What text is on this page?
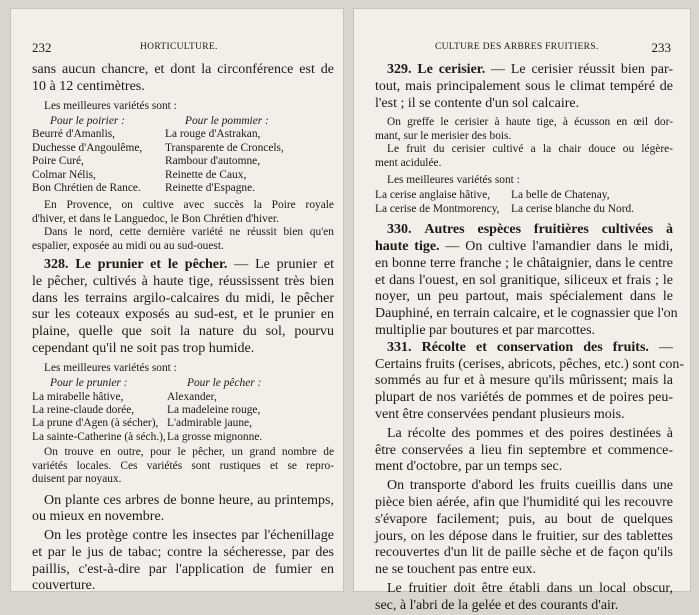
232	HORTICULTURE.
sans aucun chancre, et dont la circonférence est de
10 à 12 centimètres.
Les meilleures variétés sont :
Pour le poirier :
Beurré d'Amanlis,
Duchesse d'Angoulême,
Poire Curé,
Colmar Nélis,
Bon Chrétien de Rance.
Pour le pommier :
La rouge d'Astrakan,
Transparente de Croncels,
Rambour d'automne,
Reinette de Caux,
Reinette d'Espagne.
En Provence, on cultive avec succès la Poire royale
d'hiver, et dans le Languedoc, le Bon Chrétien d'hiver.
Dans le nord, cette dernière variété ne réussit bien qu'en
espalier, exposée au midi ou au sud-ouest.
328. Le prunier et le pêcher. — Le prunier et
le pêcher, cultivés à haute tige, réussissent très bien
dans les terrains argilo-calcaires du midi, le pêcher
sur les coteaux exposés au sud-est, et le prunier en
plaine, quelle que soit la nature du sol, pourvu
cependant qu'il ne soit pas trop humide.
Les meilleures variétés sont :
Pour le prunier :
La mirabelle hâtive,
La reine-claude dorée,
La prune d'Agen (à sécher),
La sainte-Catherine (à séch.),
Pour le pêcher :
Alexander,
La madeleine rouge,
L'admirable jaune,
La grosse mignonne.
On trouve en outre, pour le pêcher, un grand nombre de
variétés locales. Ces variétés sont rustiques et se repro-
duisent par noyaux.
On plante ces arbres de bonne heure, au printemps,
ou mieux en novembre.
On les protège contre les insectes par l'échenillage
et par le jus de tabac; contre la sécheresse, par des
paillis, c'est-à-dire par l'application de fumier en
couverture.
CULTURE DES ARBRES FRUITIERS.	233
329. Le cerisier. — Le cerisier réussit bien par-
tout, mais principalement sous le climat tempéré de
l'est ; il se contente d'un sol calcaire.
On greffe le cerisier à haute tige, à écusson en œil dor-
mant, sur le merisier des bois.
Le fruit du cerisier cultivé a la chair douce ou légère-
ment acidulée.
Les meilleures variétés sont :
La cerise anglaise hâtive,
La cerise de Montmorency,
La belle de Chatenay,
La cerise blanche du Nord.
330. Autres espèces fruitières cultivées à
haute tige. — On cultive l'amandier dans le midi,
en bonne terre franche ; le châtaignier, dans le centre
et dans l'ouest, en sol granitique, siliceux et frais ; le
noyer, un peu partout, mais spécialement dans le
Dauphiné, en terrain calcaire, et le cognassier que l'on
multiplie par boutures et par marcottes.
331. Récolte et conservation des fruits. —
Certains fruits (cerises, abricots, pêches, etc.) sont con-
sommés au fur et à mesure qu'ils mûrissent; mais la
plupart de nos variétés de pommes et de poires peu-
vent être conservées pendant plusieurs mois.
La récolte des pommes et des poires destinées à
être conservées a lieu fin septembre et commence-
ment d'octobre, par un temps sec.
On transporte d'abord les fruits cueillis dans une
pièce bien aérée, afin que l'humidité qui les recouvre
s'évapore facilement; puis, au bout de quelques
jours, on les dépose dans le fruitier, sur des tablettes
recouvertes d'un lit de paille sèche et de façon qu'ils
ne se touchent pas entre eux.
Le fruitier doit être établi dans un local obscur,
sec, à l'abri de la gelée et des courants d'air.
